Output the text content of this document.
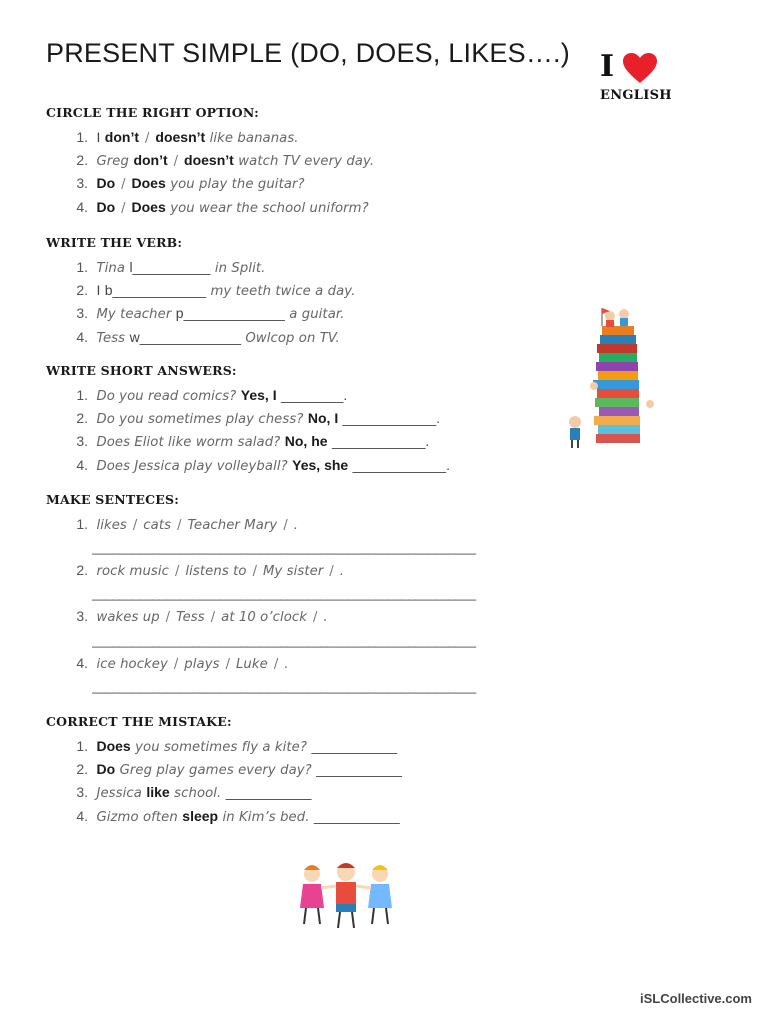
PRESENT SIMPLE (DO, DOES, LIKES….) I
ENGLISH
CIRCLE THE RIGHT OPTION:
1. I don’t / doesn’t like bananas.
2. Greg don’t / doesn’t watch TV every day.
3. Do / Does you play the guitar?
4. Do / Does you wear the school uniform?
WRITE THE VERB:
1. Tina l__________ in Split.
2. I b____________ my teeth twice a day.
3. My teacher p_____________ a guitar.
4. Tess w_____________ Owlcop on TV.
WRITE SHORT ANSWERS:
1. Do you read comics? Yes, I ________.
2. Do you sometimes play chess? No, I ____________.
3. Does Eliot like worm salad? No, he ____________.
4. Does Jessica play volleyball? Yes, she ____________.
MAKE SENTECES:
1. likes / cats / Teacher Mary / .
_________________________________________________________
2. rock music / listens to / My sister / .
_________________________________________________________
3. wakes up / Tess / at 10 o’clock / .
_________________________________________________________
4. ice hockey / plays / Luke / .
_________________________________________________________
CORRECT THE MISTAKE:
1. Does you sometimes fly a kite? ___________
2. Do Greg play games every day? ___________
3. Jessica like school. ___________
4. Gizmo often sleep in Kim’s bed. ___________
iSLCollective.com
